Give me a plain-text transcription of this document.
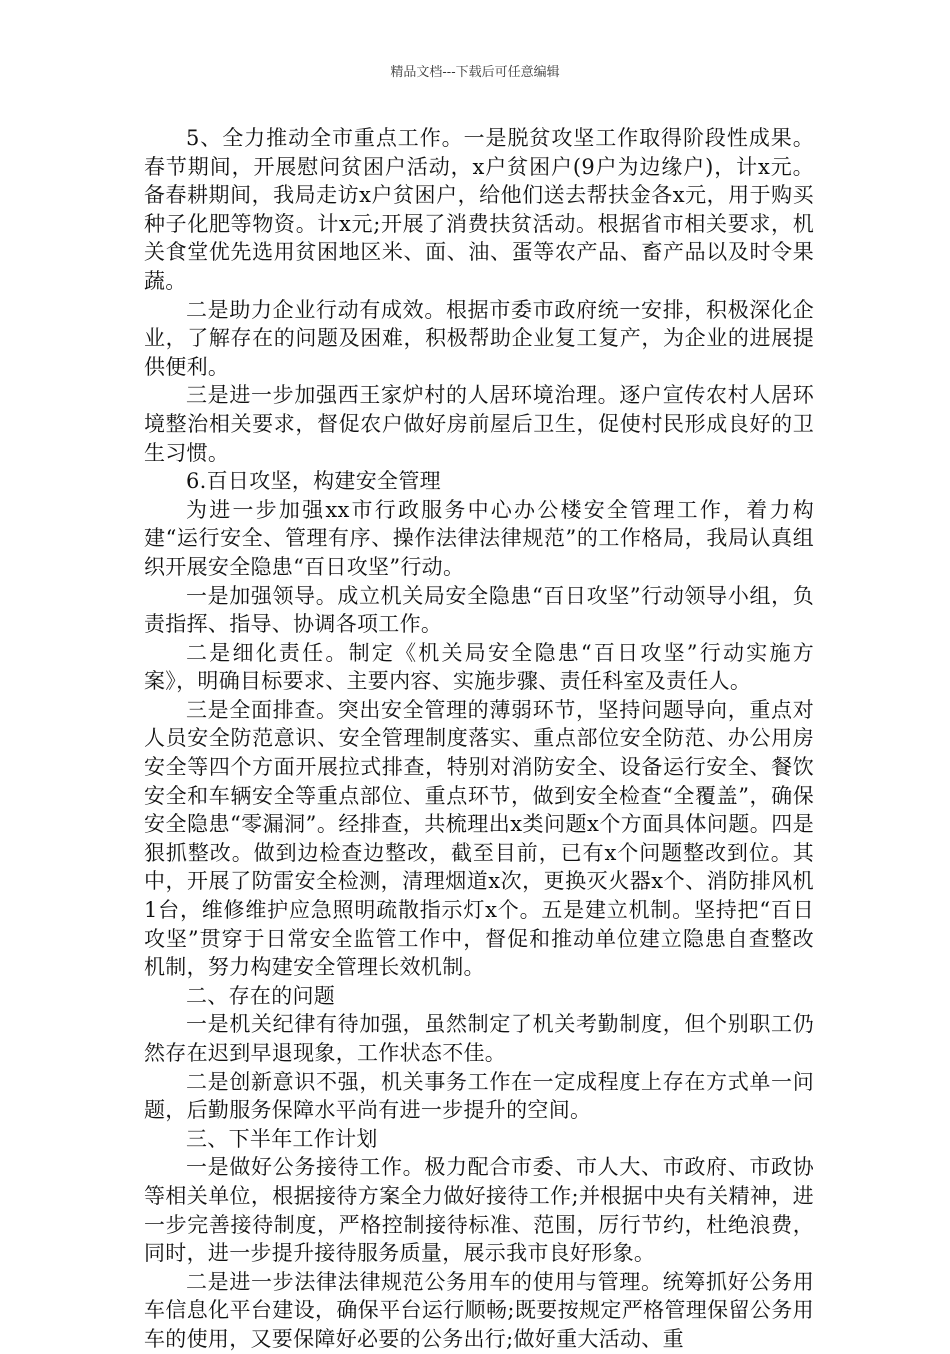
精品文档---下载后可任意编辑

5、全力推动全市重点工作。一是脱贫攻坚工作取得阶段性成果。春节期间，开展慰问贫困户活动，x户贫困户(9户为边缘户)，计x元。备春耕期间，我局走访x户贫困户，给他们送去帮扶金各x元，用于购买种子化肥等物资。计x元;开展了消费扶贫活动。根据省市相关要求，机关食堂优先选用贫困地区米、面、油、蛋等农产品、畜产品以及时令果蔬。

二是助力企业行动有成效。根据市委市政府统一安排，积极深化企业，了解存在的问题及困难，积极帮助企业复工复产，为企业的进展提供便利。

三是进一步加强西王家炉村的人居环境治理。逐户宣传农村人居环境整治相关要求，督促农户做好房前屋后卫生，促使村民形成良好的卫生习惯。

6.百日攻坚，构建安全管理

为进一步加强xx市行政服务中心办公楼安全管理工作，着力构建“运行安全、管理有序、操作法律法律规范”的工作格局，我局认真组织开展安全隐患“百日攻坚”行动。

一是加强领导。成立机关局安全隐患“百日攻坚”行动领导小组，负责指挥、指导、协调各项工作。

二是细化责任。制定《机关局安全隐患“百日攻坚”行动实施方案》，明确目标要求、主要内容、实施步骤、责任科室及责任人。

三是全面排查。突出安全管理的薄弱环节，坚持问题导向，重点对人员安全防范意识、安全管理制度落实、重点部位安全防范、办公用房安全等四个方面开展拉式排查，特别对消防安全、设备运行安全、餐饮安全和车辆安全等重点部位、重点环节，做到安全检查“全覆盖”，确保安全隐患“零漏洞”。经排查，共梳理出x类问题x个方面具体问题。四是狠抓整改。做到边检查边整改，截至目前，已有x个问题整改到位。其中，开展了防雷安全检测，清理烟道x次，更换灭火器x个、消防排风机1台，维修维护应急照明疏散指示灯x个。五是建立机制。坚持把“百日攻坚”贯穿于日常安全监管工作中，督促和推动单位建立隐患自查整改机制，努力构建安全管理长效机制。

二、存在的问题

一是机关纪律有待加强，虽然制定了机关考勤制度，但个别职工仍然存在迟到早退现象，工作状态不佳。

二是创新意识不强，机关事务工作在一定成程度上存在方式单一问题，后勤服务保障水平尚有进一步提升的空间。

三、下半年工作计划

一是做好公务接待工作。极力配合市委、市人大、市政府、市政协等相关单位，根据接待方案全力做好接待工作;并根据中央有关精神，进一步完善接待制度，严格控制接待标准、范围，厉行节约，杜绝浪费，同时，进一步提升接待服务质量，展示我市良好形象。

二是进一步法律法律规范公务用车的使用与管理。统筹抓好公务用车信息化平台建设，确保平台运行顺畅;既要按规定严格管理保留公务用车的使用，又要保障好必要的公务出行;做好重大活动、重
